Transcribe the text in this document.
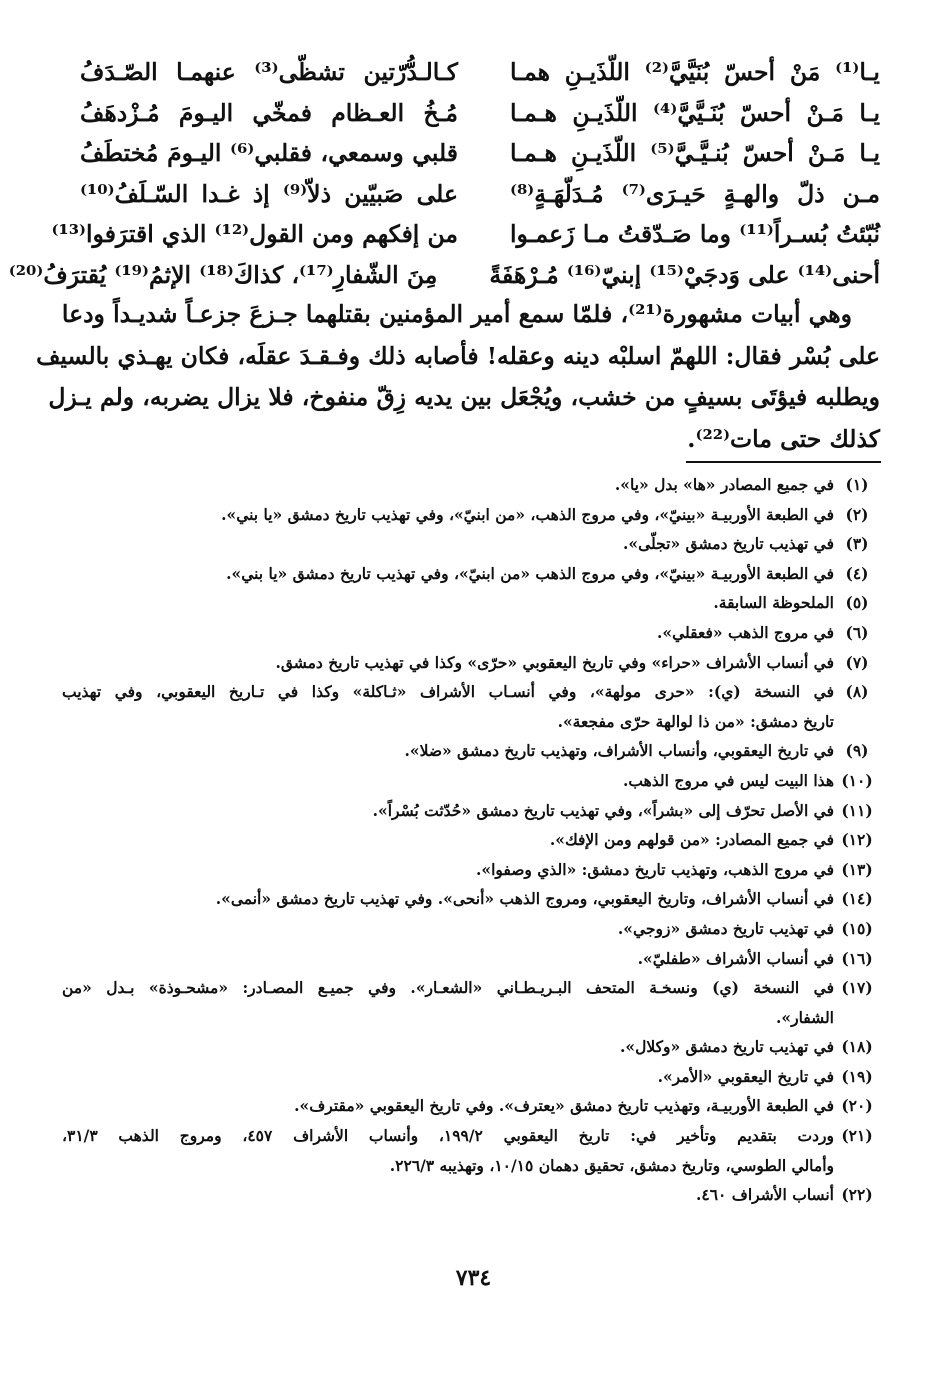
يـا⁽¹⁾ مَنْ أحسّ بُنَيَّيَّ⁽²⁾ اللّذَيـنِ همـا
كـالـدُّرّتين تشظّى⁽³⁾ عنهمـا الصّـدَفُ
يـا مَـنْ أحسّ بُنَـيَّيَّ⁽⁴⁾ اللّذَيـنِ هـمـا
مُـخُ العـظام فمخّي اليـومَ مُـزْدهَفُ
يـا مَـنْ أحسّ بُنـيَّـيَّ⁽⁵⁾ اللّذَيـنِ هـمـا
قلبي وسمعي، فقلبي⁽⁶⁾ اليـومَ مُختطَفُ
مـن ذلّ والهـةٍ حَيـرَى⁽⁷⁾ مُـدَلّهَـةٍ⁽⁸⁾
على صَبيّين ذلاّ⁽⁹⁾ إذ غـدا السّـلَفُ⁽¹⁰⁾
نُبّئتُ بُسـراً⁽¹¹⁾ وما صَـدّقتُ مـا زَعمـوا
من إفكهم ومن القول⁽¹²⁾ الذي اقترَفوا⁽¹³⁾
أحنى⁽¹⁴⁾ على وَدجَيْ⁽¹⁵⁾ إبنيّ⁽¹⁶⁾ مُـرْهَفَةً
مِنَ الشّفارِ⁽¹⁷⁾، كذاكَ⁽¹⁸⁾ الإثمُ⁽¹⁹⁾ يُقترَفُ⁽²⁰⁾
وهي أبيات مشهورة⁽²¹⁾، فلمّا سمع أمير المؤمنين بقتلهما جـزعَ جزعـاً شديـداً ودعا
على بُسْر فقال: اللهمّ اسلبْه دينه وعقله! فأصابه ذلك وفـقـدَ عقلَه، فكان يهـذي بالسيف
ويطلبه فيؤتَى بسيفٍ من خشب، ويُجْعَل بين يديه زِقّ منفوخ، فلا يزال يضربه، ولم يـزل
كذلك حتى مات⁽²²⁾.
(١)
في جميع المصادر «ها» بدل «يا».
(٢)
في الطبعة الأوربيـة «بينيّ»، وفي مروج الذهب، «من ابنيّ»، وفي تهذيب تاريخ دمشق «يا بني».
(٣)
في تهذيب تاريخ دمشق «تجلّى».
(٤)
في الطبعة الأوربيـة «بينيّ»، وفي مروج الذهب «من ابنيّ»، وفي تهذيب تاريخ دمشق «يا بني».
(٥)
الملحوظة السابقة.
(٦)
في مروج الذهب «فعقلي».
(٧)
في أنساب الأشراف «حراء» وفي تاريخ اليعقوبي «حرّى» وكذا في تهذيب تاريخ دمشق.
(٨)
في النسخة (ي): «حرى مولهة»، وفي أنسـاب الأشراف «ثـاكلة» وكذا في تـاريخ اليعقوبي، وفي تهذيب
تاريخ دمشق: «من ذا لوالهة حرّى مفجعة».
(٩)
في تاريخ اليعقوبي، وأنساب الأشراف، وتهذيب تاريخ دمشق «ضلا».
(١٠)
هذا البيت ليس في مروج الذهب.
(١١)
في الأصل تحرّف إلى «بشراً»، وفي تهذيب تاريخ دمشق «حُدّثت بُسْراً».
(١٢)
في جميع المصادر: «من قولهم ومن الإفك».
(١٣)
في مروج الذهب، وتهذيب تاريخ دمشق: «الذي وصفوا».
(١٤)
في أنساب الأشراف، وتاريخ اليعقوبي، ومروج الذهب «أنحى». وفي تهذيب تاريخ دمشق «أنمى».
(١٥)
في تهذيب تاريخ دمشق «زوجي».
(١٦)
في أنساب الأشراف «طفليّ».
(١٧)
في النسخة (ي) ونسخـة المتحف البـريـطـاني «الشعـار». وفي جميـع المصـادر: «مشحـوذة» بـدل «من
الشفار».
(١٨)
في تهذيب تاريخ دمشق «وكلال».
(١٩)
في تاريخ اليعقوبي «الأمر».
(٢٠)
في الطبعة الأوربيـة، وتهذيب تاريخ دمشق «يعترف». وفي تاريخ اليعقوبي «مقترف».
(٢١)
وردت بتقديم وتأخير في: تاريخ اليعقوبي ١٩٩/٢، وأنساب الأشراف ٤٥٧، ومروج الذهب ٣١/٣،
وأمالي الطوسي، وتاريخ دمشق، تحقيق دهمان ١٠/١٥، وتهذيبه ٢٢٦/٣.
(٢٢)
أنساب الأشراف ٤٦٠.
٧٣٤
